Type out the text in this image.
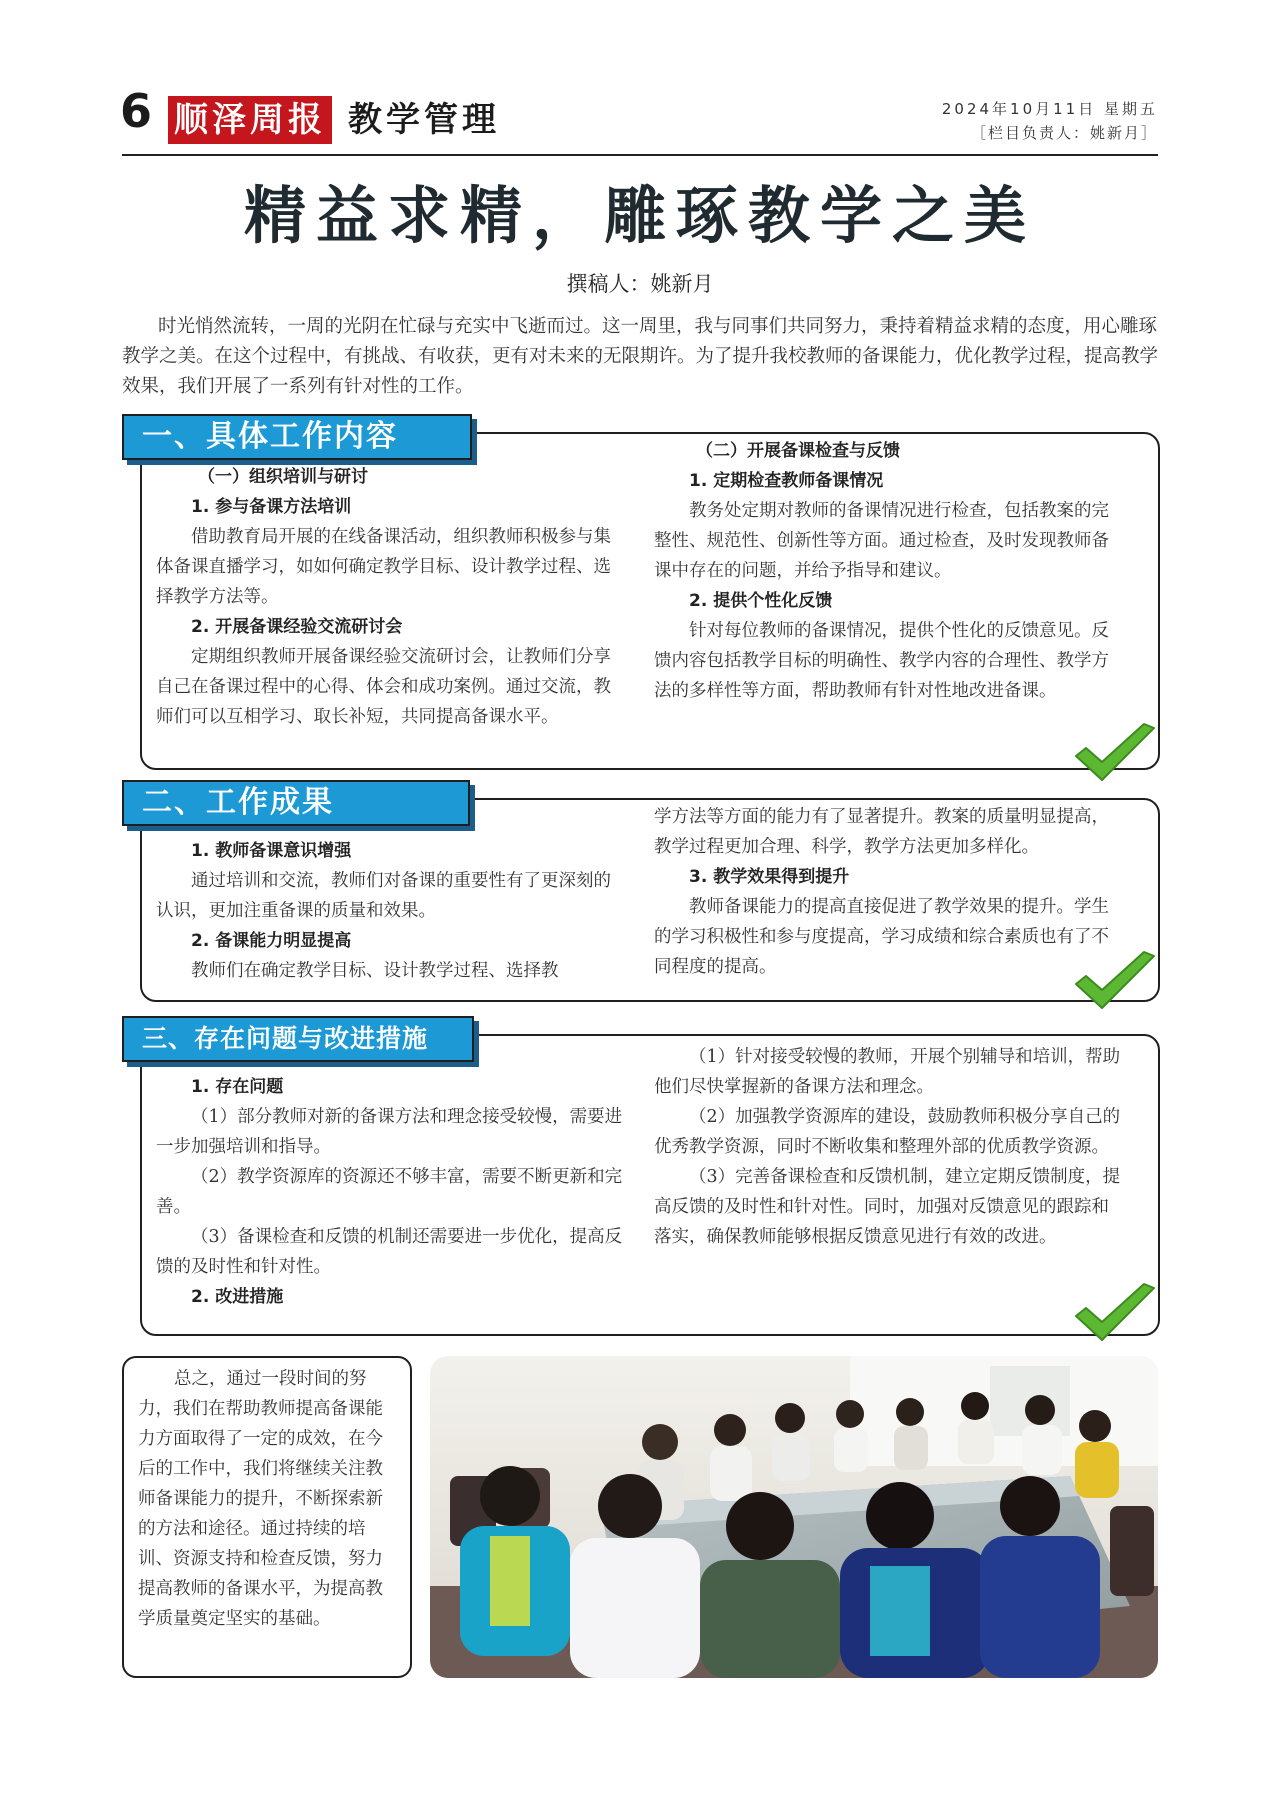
6 顺泽周报 教学管理	2024年10月11日 星期五
［栏目负责人：姚新月］
精益求精，雕琢教学之美
撰稿人：姚新月

时光悄然流转，一周的光阴在忙碌与充实中飞逝而过。这一周里，我与同事们共同努力，秉持着精益求精的态度，用心雕琢教学之美。在这个过程中，有挑战、有收获，更有对未来的无限期许。为了提升我校教师的备课能力，优化教学过程，提高教学效果，我们开展了一系列有针对性的工作。

一、具体工作内容

（一）组织培训与研讨

1. 参与备课方法培训

借助教育局开展的在线备课活动，组织教师积极参与集体备课直播学习，如如何确定教学目标、设计教学过程、选择教学方法等。

2. 开展备课经验交流研讨会

定期组织教师开展备课经验交流研讨会，让教师们分享自己在备课过程中的心得、体会和成功案例。通过交流，教师们可以互相学习、取长补短，共同提高备课水平。

（二）开展备课检查与反馈

1. 定期检查教师备课情况

教务处定期对教师的备课情况进行检查，包括教案的完整性、规范性、创新性等方面。通过检查，及时发现教师备课中存在的问题，并给予指导和建议。

2. 提供个性化反馈

针对每位教师的备课情况，提供个性化的反馈意见。反馈内容包括教学目标的明确性、教学内容的合理性、教学方法的多样性等方面，帮助教师有针对性地改进备课。

二、工作成果

1. 教师备课意识增强

通过培训和交流，教师们对备课的重要性有了更深刻的认识，更加注重备课的质量和效果。

2. 备课能力明显提高

教师们在确定教学目标、设计教学过程、选择教

学方法等方面的能力有了显著提升。教案的质量明显提高，教学过程更加合理、科学，教学方法更加多样化。

3. 教学效果得到提升

教师备课能力的提高直接促进了教学效果的提升。学生的学习积极性和参与度提高，学习成绩和综合素质也有了不同程度的提高。

三、存在问题与改进措施

1. 存在问题

（1）部分教师对新的备课方法和理念接受较慢，需要进一步加强培训和指导。

（2）教学资源库的资源还不够丰富，需要不断更新和完善。

（3）备课检查和反馈的机制还需要进一步优化，提高反馈的及时性和针对性。

2. 改进措施

（1）针对接受较慢的教师，开展个别辅导和培训，帮助他们尽快掌握新的备课方法和理念。

（2）加强教学资源库的建设，鼓励教师积极分享自己的优秀教学资源，同时不断收集和整理外部的优质教学资源。

（3）完善备课检查和反馈机制，建立定期反馈制度，提高反馈的及时性和针对性。同时，加强对反馈意见的跟踪和落实，确保教师能够根据反馈意见进行有效的改进。

总之，通过一段时间的努力，我们在帮助教师提高备课能力方面取得了一定的成效，在今后的工作中，我们将继续关注教师备课能力的提升，不断探索新的方法和途径。通过持续的培训、资源支持和检查反馈，努力提高教师的备课水平，为提高教学质量奠定坚实的基础。
